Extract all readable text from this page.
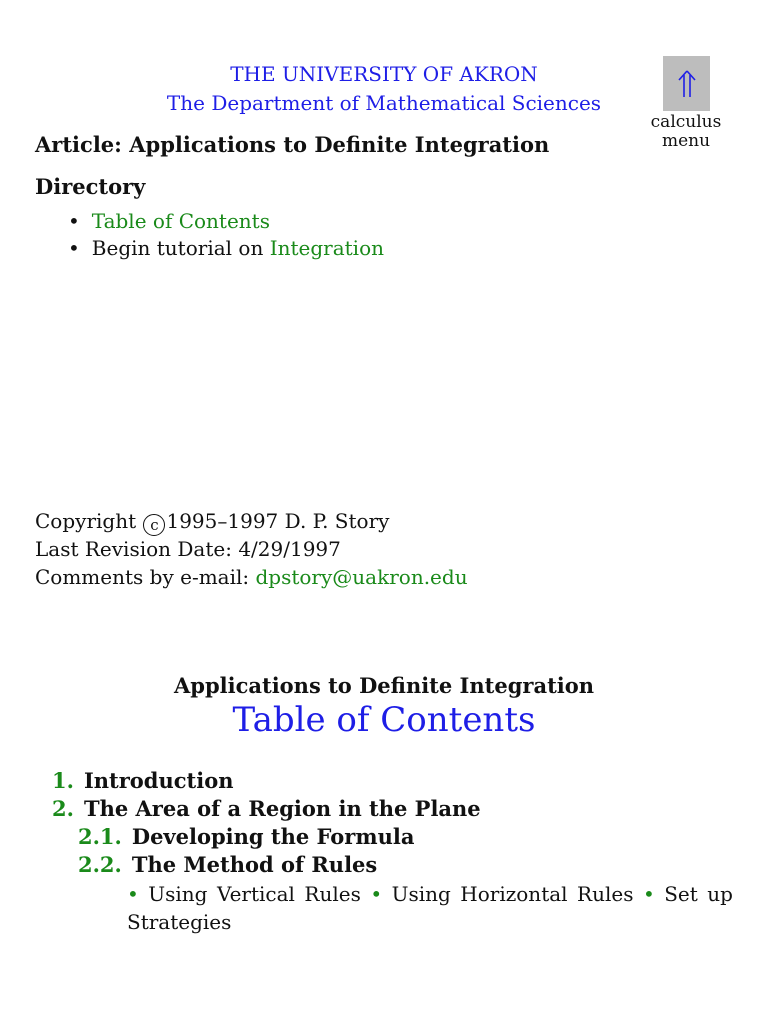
THE UNIVERSITY OF AKRON
The Department of Mathematical Sciences
calculus
menu
Article: Applications to Definite Integration
Directory
• Table of Contents
• Begin tutorial on Integration
Copyright c 1995–1997 D. P. Story
Last Revision Date: 4/29/1997
Comments by e-mail: dpstory@uakron.edu
Applications to Definite Integration
Table of Contents
1. Introduction
2. The Area of a Region in the Plane
2.1. Developing the Formula
2.2. The Method of Rules
• Using Vertical Rules • Using Horizontal Rules • Set up Strategies
